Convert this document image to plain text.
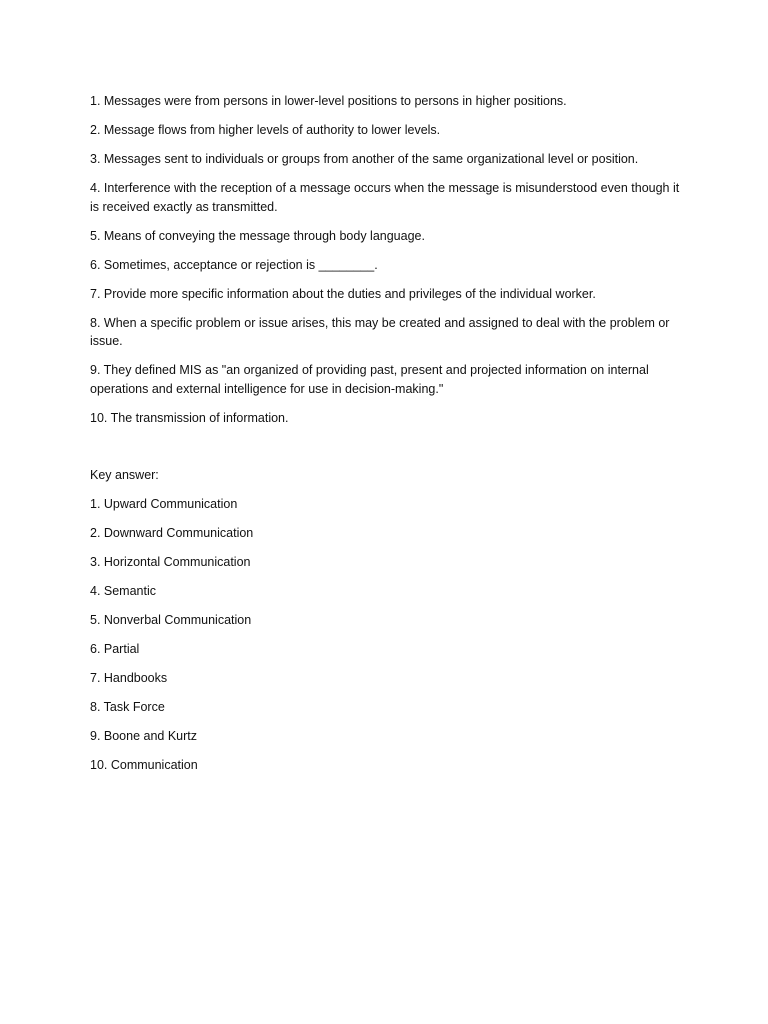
1. Messages were from persons in lower-level positions to persons in higher positions.

2. Message flows from higher levels of authority to lower levels.

3. Messages sent to individuals or groups from another of the same organizational level or position.

4. Interference with the reception of a message occurs when the message is misunderstood even though it is received exactly as transmitted.

5. Means of conveying the message through body language.

6. Sometimes, acceptance or rejection is ________.

7. Provide more specific information about the duties and privileges of the individual worker.

8. When a specific problem or issue arises, this may be created and assigned to deal with the problem or issue.

9. They defined MIS as "an organized of providing past, present and projected information on internal operations and external intelligence for use in decision-making."

10. The transmission of information.

Key answer:

1. Upward Communication

2. Downward Communication

3. Horizontal Communication

4. Semantic

5. Nonverbal Communication

6. Partial

7. Handbooks

8. Task Force

9. Boone and Kurtz

10. Communication
